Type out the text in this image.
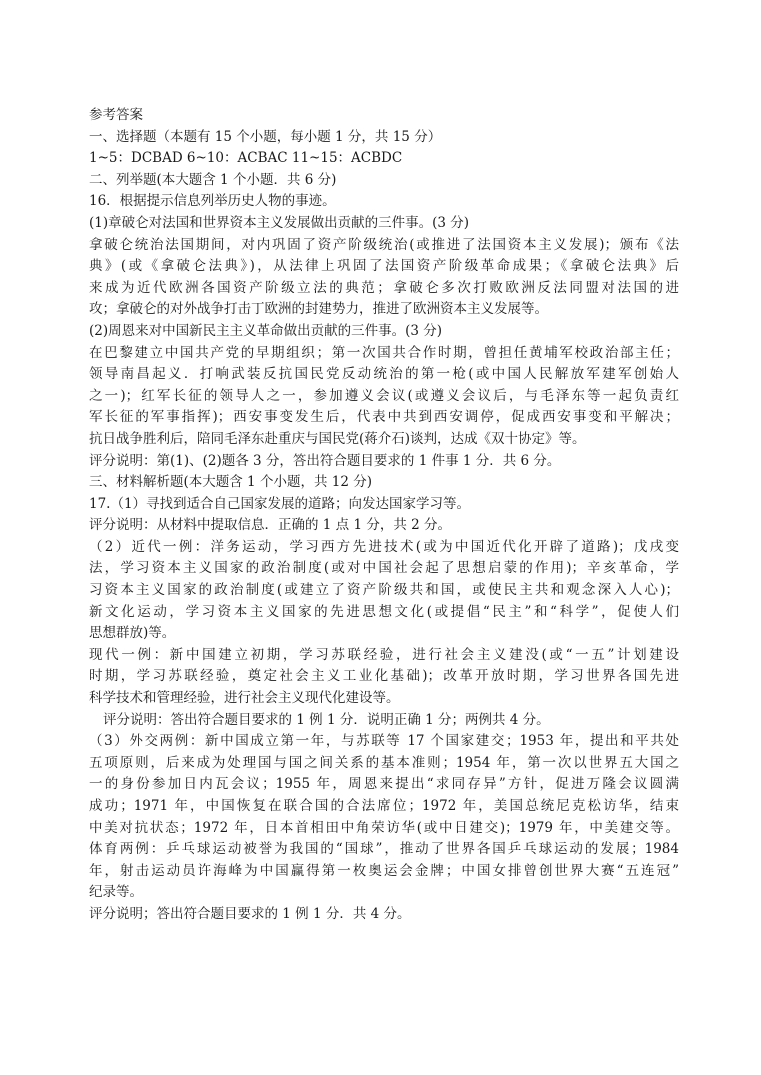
参考答案
一、选择题（本题有 15 个小题，每小题 1 分，共 15 分）
1~5：DCBAD 6~10：ACBAC 11~15：ACBDC
二、列举题(本大题含 1 个小题．共 6 分)
16．根据提示信息列举历史人物的事迹。
(1)章破仑对法国和世界资本主义发展做出贡献的三件事。(3 分)
拿破仑统治法国期间，对内巩固了资产阶级统治(或推进了法国资本主义发展)；颁布《法
典》(或《拿破仑法典》)，从法律上巩固了法国资产阶级革命成果；《拿破仑法典》后
来成为近代欧洲各国资产阶级立法的典范；拿破仑多次打败欧洲反法同盟对法国的进
攻；拿破仑的对外战争打击丁欧洲的封建势力，推进了欧洲资本主义发展等。
(2)周恩来对中国新民主主义革命做出贡献的三件事。(3 分)
在巴黎建立中国共产党的早期组织；第一次国共合作时期，曾担任黄埔军校政治部主任；
领导南昌起义．打响武装反抗国民党反动统治的第一枪(或中国人民解放军建军创始人
之一)；红军长征的领导人之一，参加遵义会议(或遵义会议后，与毛泽东等一起负责红
军长征的军事指挥)；西安事变发生后，代表中共到西安调停，促成西安事变和平解决；
抗日战争胜利后，陪同毛泽东赴重庆与国民党(蒋介石)谈判，达成《双十协定》等。
评分说明：第(1)、(2)题各 3 分，答出符合题目要求的 1 件事 1 分．共 6 分。
三、材料解析题(本大题含 1 个小题，共 12 分)
17.（1）寻找到适合自己国家发展的道路；向发达国家学习等。
评分说明：从材料中提取信息．正确的 1 点 1 分，共 2 分。
（2）近代一例：洋务运动，学习西方先进技术(或为中国近代化开辟了道路)；戊戌变
法，学习资本主义国家的政治制度(或对中国社会起了思想启蒙的作用)；辛亥革命，学
习资本主义国家的政治制度(或建立了资产阶级共和国，或使民主共和观念深入人心)；
新文化运动，学习资本主义国家的先进思想文化(或提倡“民主”和“科学”，促使人们
思想群放)等。
现代一例：新中国建立初期，学习苏联经验，进行社会主义建没(或“一五”计划建设
时期，学习苏联经验，奠定社会主义工业化基础)；改革开放时期，学习世界各国先进
科学技术和管理经验，进行社会主义现代化建设等。
评分说明：答出符合题目要求的 1 例 1 分．说明正确 1 分；两例共 4 分。
（3）外交两例：新中国成立第一年，与苏联等 17 个国家建交；1953 年，提出和平共处
五项原则，后来成为处理国与国之间关系的基本准则；1954 年，第一次以世界五大国之
一的身份参加日内瓦会议；1955 年，周恩来提出“求同存异”方针，促进万隆会议圆满
成功；1971 年，中国恢复在联合国的合法席位；1972 年，美国总统尼克松访华，结束
中美对抗状态；1972 年，日本首相田中角荣访华(或中日建交)；1979 年，中美建交等。
体育两例：乒乓球运动被誉为我国的“国球”，推动了世界各国乒乓球运动的发展；1984
年，射击运动员许海峰为中国赢得第一枚奥运会金牌；中国女排曾创世界大赛“五连冠”
纪录等。
评分说明；答出符合题目要求的 1 例 1 分．共 4 分。
